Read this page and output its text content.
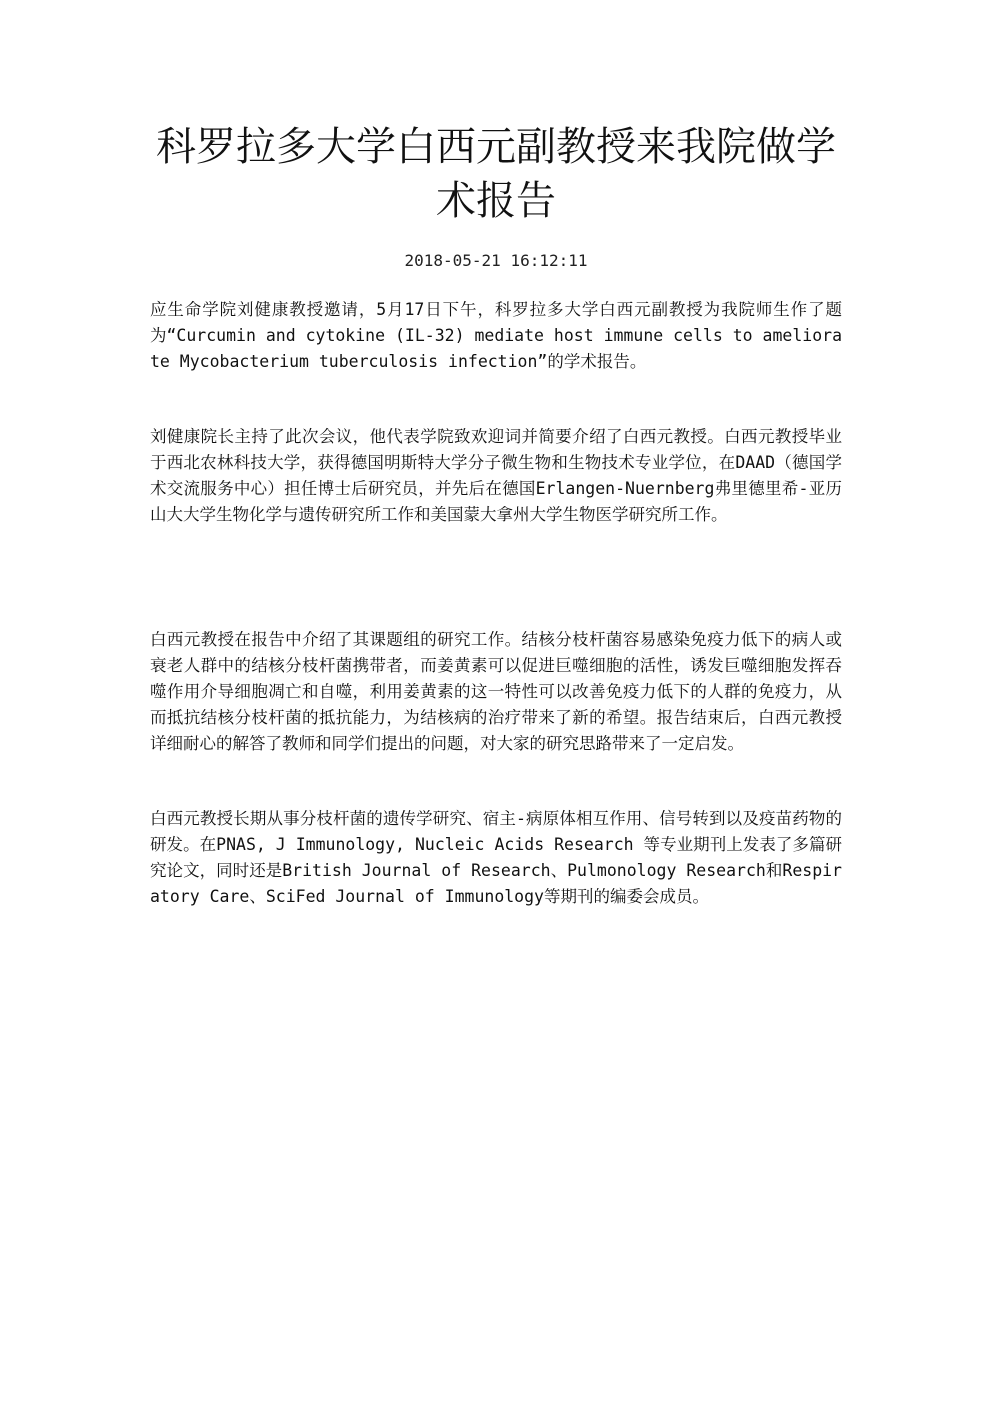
科罗拉多大学白西元副教授来我院做学术报告
2018-05-21 16:12:11

应生命学院刘健康教授邀请，5月17日下午，科罗拉多大学白西元副教授为我院师生作了题为“Curcumin and cytokine (IL-32) mediate host immune cells to ameliorate Mycobacterium tuberculosis infection”的学术报告。

刘健康院长主持了此次会议，他代表学院致欢迎词并简要介绍了白西元教授。白西元教授毕业于西北农林科技大学，获得德国明斯特大学分子微生物和生物技术专业学位，在DAAD（德国学术交流服务中心）担任博士后研究员，并先后在德国Erlangen-Nuernberg弗里德里希-亚历山大大学生物化学与遗传研究所工作和美国蒙大拿州大学生物医学研究所工作。

白西元教授在报告中介绍了其课题组的研究工作。结核分枝杆菌容易感染免疫力低下的病人或衰老人群中的结核分枝杆菌携带者，而姜黄素可以促进巨噬细胞的活性，诱发巨噬细胞发挥吞噬作用介导细胞凋亡和自噬，利用姜黄素的这一特性可以改善免疫力低下的人群的免疫力，从而抵抗结核分枝杆菌的抵抗能力，为结核病的治疗带来了新的希望。报告结束后，白西元教授详细耐心的解答了教师和同学们提出的问题，对大家的研究思路带来了一定启发。

白西元教授长期从事分枝杆菌的遗传学研究、宿主-病原体相互作用、信号转到以及疫苗药物的研发。在PNAS, J Immunology, Nucleic Acids Research 等专业期刊上发表了多篇研究论文，同时还是British Journal of Research、Pulmonology Research和Respiratory Care、SciFed Journal of Immunology等期刊的编委会成员。
